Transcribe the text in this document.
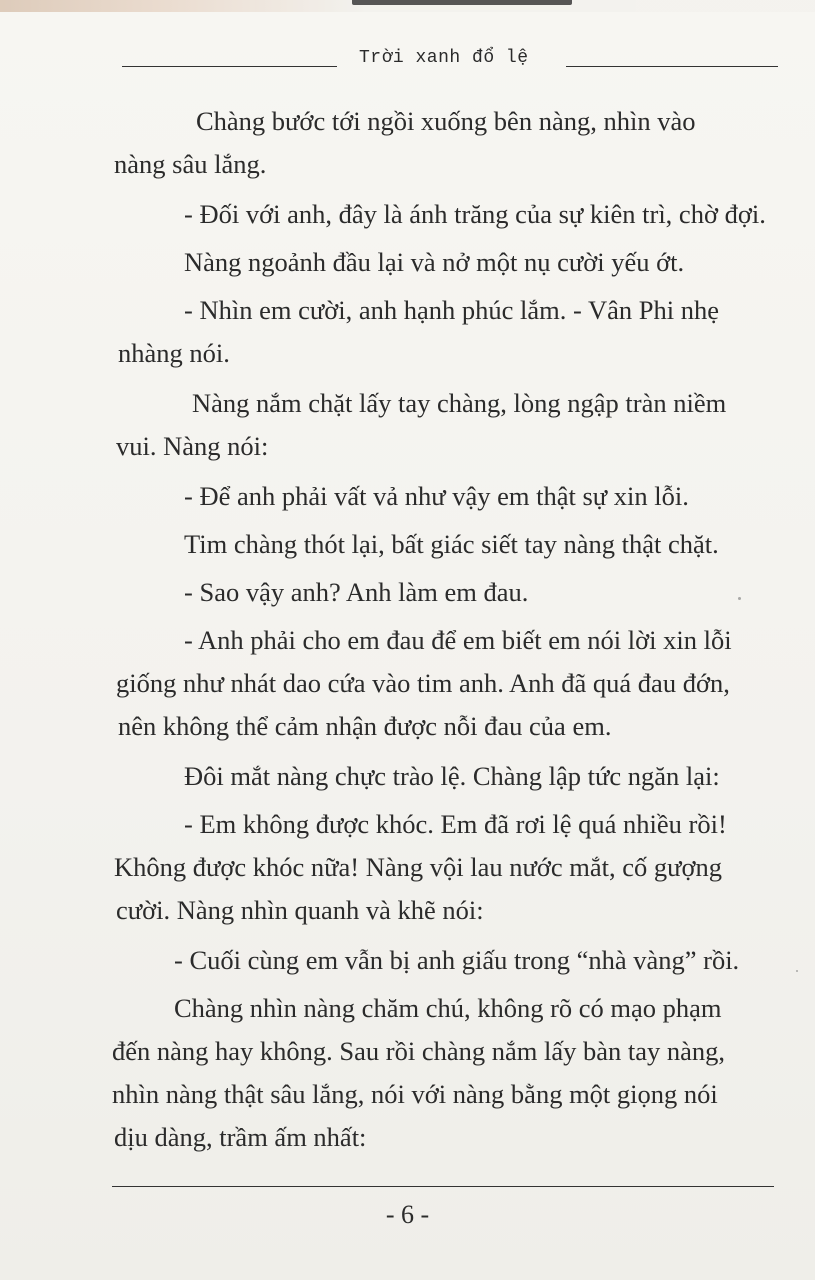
Trời xanh đổ lệ
Chàng bước tới ngồi xuống bên nàng, nhìn vào
nàng sâu lắng.
- Đối với anh, đây là ánh trăng của sự kiên trì, chờ đợi.
Nàng ngoảnh đầu lại và nở một nụ cười yếu ớt.
- Nhìn em cười, anh hạnh phúc lắm. - Vân Phi nhẹ
nhàng nói.
Nàng nắm chặt lấy tay chàng, lòng ngập tràn niềm
vui. Nàng nói:
- Để anh phải vất vả như vậy em thật sự xin lỗi.
Tim chàng thót lại, bất giác siết tay nàng thật chặt.
- Sao vậy anh? Anh làm em đau.
- Anh phải cho em đau để em biết em nói lời xin lỗi
giống như nhát dao cứa vào tim anh. Anh đã quá đau đớn,
nên không thể cảm nhận được nỗi đau của em.
Đôi mắt nàng chực trào lệ. Chàng lập tức ngăn lại:
- Em không được khóc. Em đã rơi lệ quá nhiều rồi!
Không được khóc nữa! Nàng vội lau nước mắt, cố gượng
cười. Nàng nhìn quanh và khẽ nói:
- Cuối cùng em vẫn bị anh giấu trong “nhà vàng” rồi.
Chàng nhìn nàng chăm chú, không rõ có mạo phạm
đến nàng hay không. Sau rồi chàng nắm lấy bàn tay nàng,
nhìn nàng thật sâu lắng, nói với nàng bằng một giọng nói
dịu dàng, trầm ấm nhất:
- 6 -
